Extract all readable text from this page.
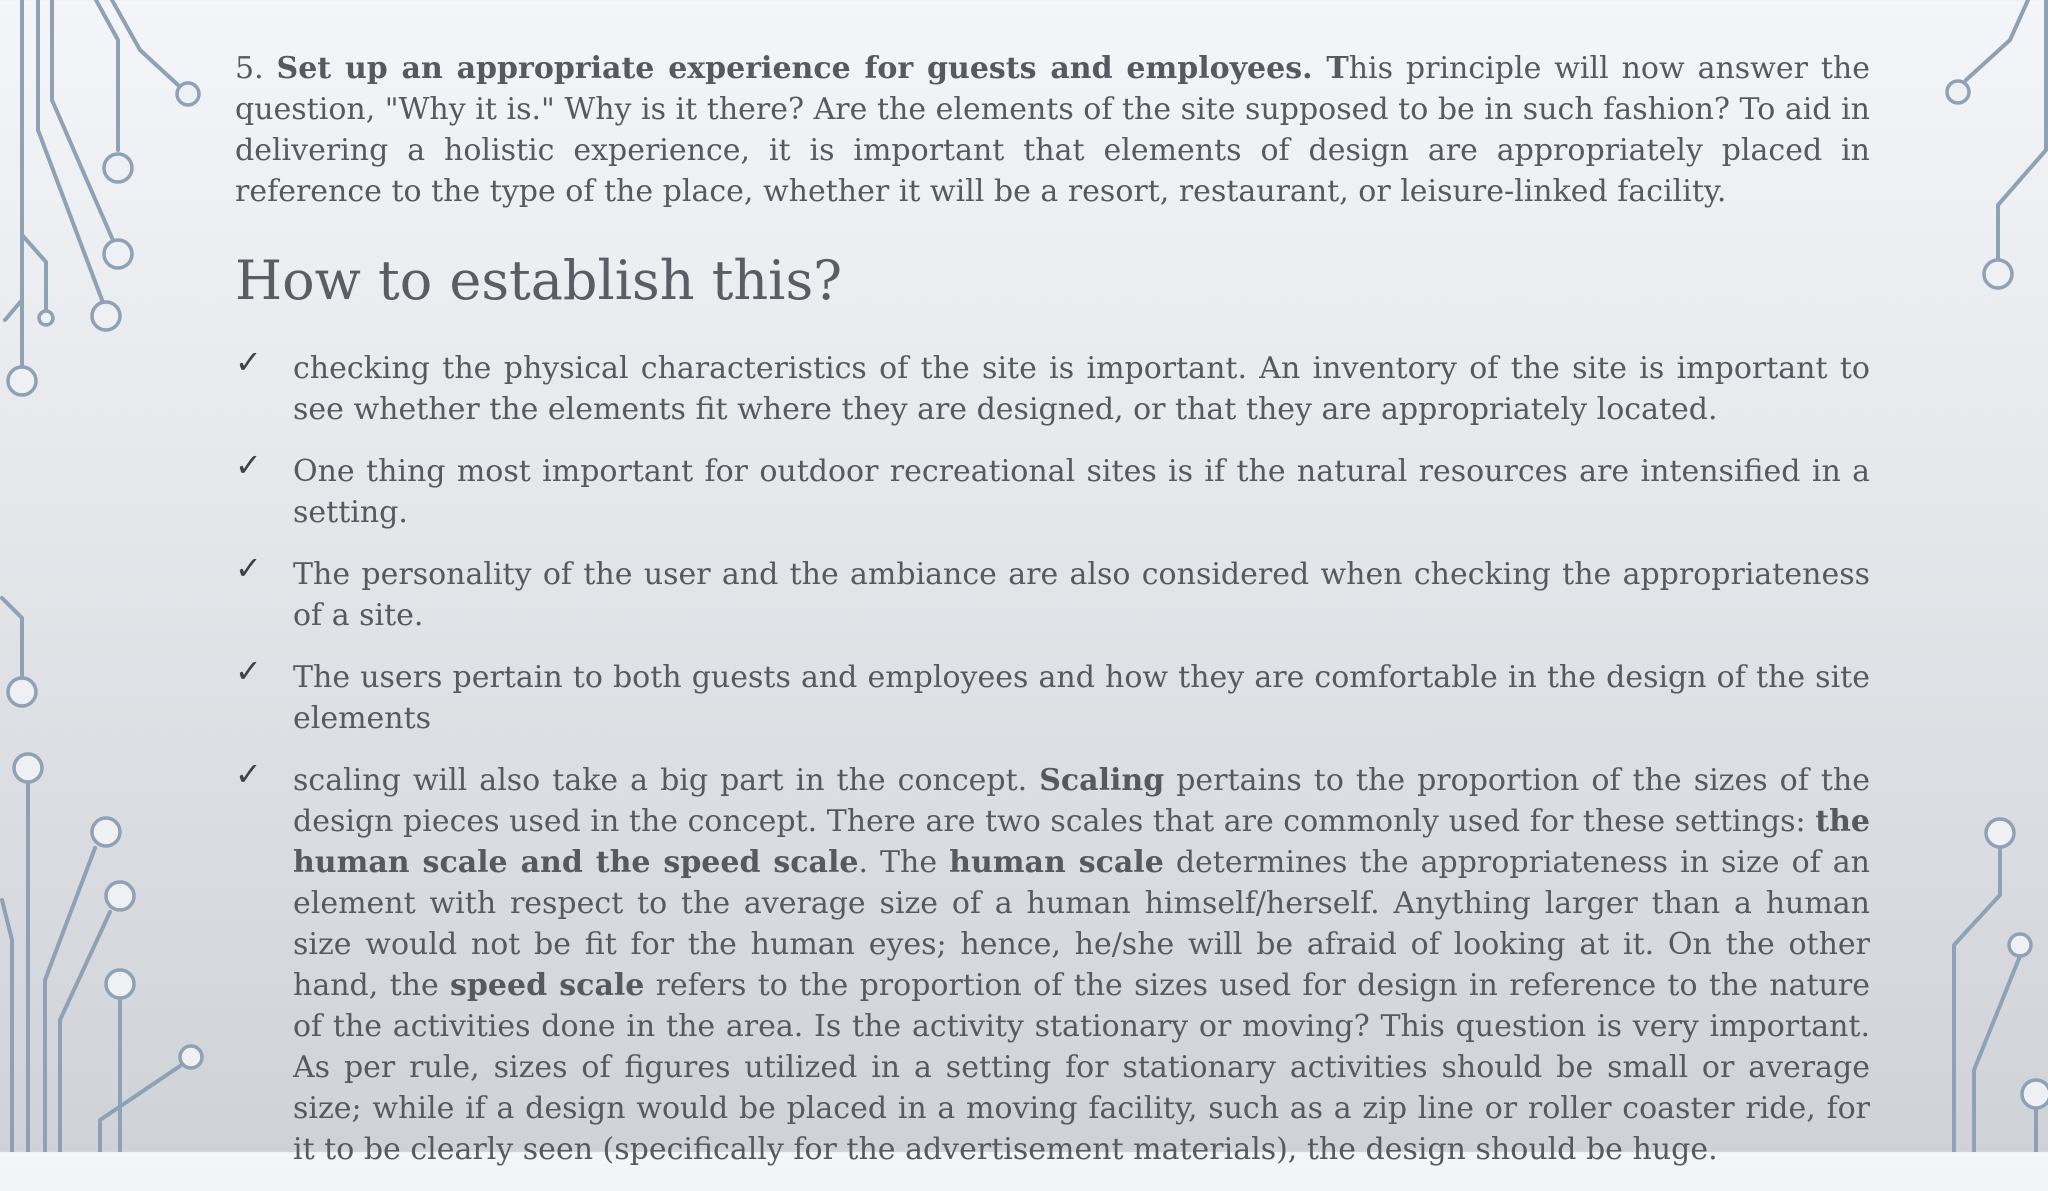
5. Set up an appropriate experience for guests and employees. This principle will now answer the question, "Why it is." Why is it there? Are the elements of the site supposed to be in such fashion? To aid in delivering a holistic experience, it is important that elements of design are appropriately placed in reference to the type of the place, whether it will be a resort, restaurant, or leisure-linked facility.

How to establish this?
✓ checking the physical characteristics of the site is important. An inventory of the site is important to see whether the elements fit where they are designed, or that they are appropriately located.
✓ One thing most important for outdoor recreational sites is if the natural resources are intensified in a setting.
✓ The personality of the user and the ambiance are also considered when checking the appropriateness of a site.
✓ The users pertain to both guests and employees and how they are comfortable in the design of the site elements
✓ scaling will also take a big part in the concept. Scaling pertains to the proportion of the sizes of the design pieces used in the concept. There are two scales that are commonly used for these settings: the human scale and the speed scale. The human scale determines the appropriateness in size of an element with respect to the average size of a human himself/herself. Anything larger than a human size would not be fit for the human eyes; hence, he/she will be afraid of looking at it. On the other hand, the speed scale refers to the proportion of the sizes used for design in reference to the nature of the activities done in the area. Is the activity stationary or moving? This question is very important. As per rule, sizes of figures utilized in a setting for stationary activities should be small or average size; while if a design would be placed in a moving facility, such as a zip line or roller coaster ride, for it to be clearly seen (specifically for the advertisement materials), the design should be huge.
